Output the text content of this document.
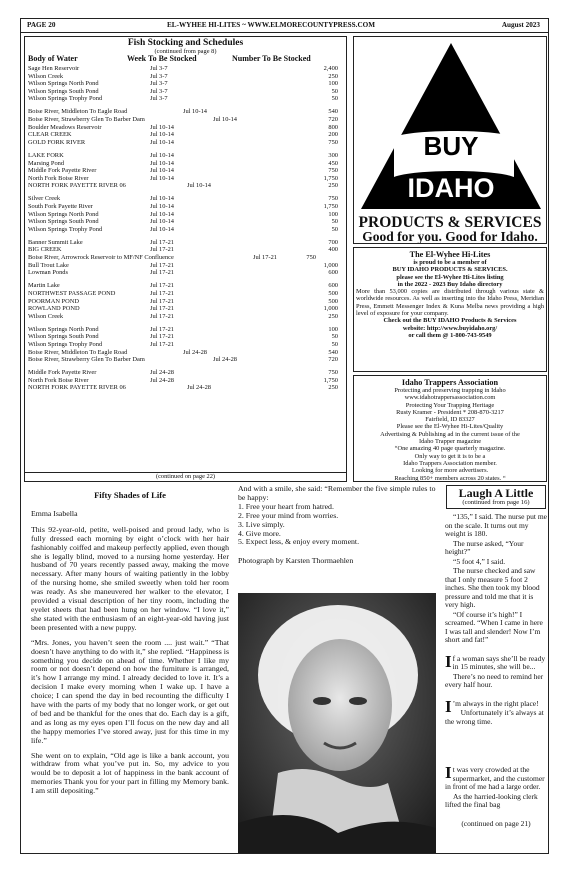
PAGE 20	EL-WYHEE HI-LITES ~ WWW.ELMORECOUNTYPRESS.COM	August 2023
Fish Stocking and Schedules
(continued from page 8)
Body of Water	Week To Be Stocked	Number To Be Stocked
Sage Hen Reservoir	Jul 3-7	2,400
Wilson Creek	Jul 3-7	250
Wilson Springs North Pond	Jul 3-7	100
Wilson Springs South Pond	Jul 3-7	50
Wilson Springs Trophy Pond	Jul 3-7	50
Boise River, Middleton To Eagle Road	Jul 10-14	540
Boise River, Strawberry Glen To Barber Dam	Jul 10-14	720
Boulder Meadows Reservoir	Jul 10-14	800
CLEAR CREEK	Jul 10-14	200
GOLD FORK RIVER	Jul 10-14	750
LAKE FORK	Jul 10-14	300
Marsing Pond	Jul 10-14	450
Middle Fork Payette River	Jul 10-14	750
North Fork Boise River	Jul 10-14	1,750
NORTH FORK PAYETTE RIVER 06	Jul 10-14	250
Silver Creek	Jul 10-14	750
South Fork Payette River	Jul 10-14	1,750
Wilson Springs North Pond	Jul 10-14	100
Wilson Springs South Pond	Jul 10-14	50
Wilson Springs Trophy Pond	Jul 10-14	50
Banner Summit Lake	Jul 17-21	700
BIG CREEK	Jul 17-21	400
Boise River, Arrowrock Reservoir to MF/NF Confluence	Jul 17-21	750
Bull Trout Lake	Jul 17-21	1,000
Lowman Ponds	Jul 17-21	600
Martin Lake	Jul 17-21	600
NORTHWEST PASSAGE POND	Jul 17-21	500
POORMAN POND	Jul 17-21	500
ROWLAND POND	Jul 17-21	1,000
Wilson Creek	Jul 17-21	250
Wilson Springs North Pond	Jul 17-21	100
Wilson Springs South Pond	Jul 17-21	50
Wilson Springs Trophy Pond	Jul 17-21	50
Boise River, Middleton To Eagle Road	Jul 24-28	540
Boise River, Strawberry Glen To Barber Dam	Jul 24-28	720
Middle Fork Payette River	Jul 24-28	750
North Fork Boise River	Jul 24-28	1,750
NORTH FORK PAYETTE RIVER 06	Jul 24-28	250
(continued on page 22)
BUY
IDAHO
PRODUCTS & SERVICES
Good for you. Good for Idaho.
The El-Wyhee Hi-Lites
is proud to be a member of
BUY IDAHO PRODUCTS & SERVICES.
please see the El-Wyhee Hi-Lites listing
in the 2022 - 2023 Buy Idaho directory
More than 53,000 copies are distributed through various state & worldwide resources. As well as inserting into the Idaho Press, Meridian Press, Emmett Messenger Index & Kuna Melba news providing a high level of exposure for your company.
Check out the BUY IDAHO Products & Services
website: http://www.buyidaho.org/
or call them @ 1-800-743-9549
Idaho Trappers Association
Protecting and preserving trapping in Idaho
www.idahotrappersassociation.com
Protecting Your Trapping Heritage
Rusty Kramer - President * 208-870-3217
Fairfield, ID 83327
Please see the El-Wyhee Hi-Lites/Quality
Advertising & Publishing ad in the current issue of the
Idaho Trapper magazine
“One amazing 40 page quarterly magazine.
Only way to get it is to be a
Idaho Trappers Association member.
Looking for more advertisers.
Reaching 850+ members across 20 states. “
Fifty Shades of Life
Emma Isabella

This 92-year-old, petite, well-poised and proud lady, who is fully dressed each morning by eight o’clock with her hair fashionably coiffed and makeup perfectly applied, even though she is legally blind, moved to a nursing home yesterday. Her husband of 70 years recently passed away, making the move necessary. After many hours of waiting patiently in the lobby of the nursing home, she smiled sweetly when told her room was ready. As she maneuvered her walker to the elevator, I provided a visual description of her tiny room, including the eyelet sheets that had been hung on her window. “I love it,” she stated with the enthusiasm of an eight-year-old having just been presented with a new puppy.

“Mrs. Jones, you haven’t seen the room .... just wait.” “That doesn’t have anything to do with it,” she replied. “Happiness is something you decide on ahead of time. Whether I like my room or not doesn’t depend on how the furniture is arranged, it’s how I arrange my mind. I already decided to love it. It’s a decision I make every morning when I wake up. I have a choice; I can spend the day in bed recounting the difficulty I have with the parts of my body that no longer work, or get out of bed and be thankful for the ones that do. Each day is a gift, and as long as my eyes open I’ll focus on the new day and all the happy memories I’ve stored away, just for this time in my life.”

She went on to explain, “Old age is like a bank account, you withdraw from what you’ve put in. So, my advice to you would be to deposit a lot of happiness in the bank account of memories Thank you for your part in filling my Memory bank. I am still depositing.”

And with a smile, she said: “Remember the five simple rules to be happy:
1. Free your heart from hatred.
2. Free your mind from worries.
3. Live simply.
4. Give more.
5. Expect less, & enjoy every moment.
Photograph by Karsten Thormaehlen
Laugh A Little
(continued from page 16)

“135,” I said. The nurse put me on the scale. It turns out my weight is 180.

The nurse asked, “Your height?”

“5 foot 4,” I said.

The nurse checked and saw that I only measure 5 foot 2 inches. She then took my blood pressure and told me that it is very high.

“Of course it’s high!” I screamed. “When I came in here I was tall and slender! Now I’m short and fat!”

If a woman says she’ll be ready in 15 minutes, she will be...

There’s no need to remind her every half hour.

I ’m always in the right place!

Unfortunately it’s always at the wrong time.

It was very crowded at the supermarket, and the customer in front of me had a large order.

As the harried-looking clerk lifted the final bag

(continued on page 21)
